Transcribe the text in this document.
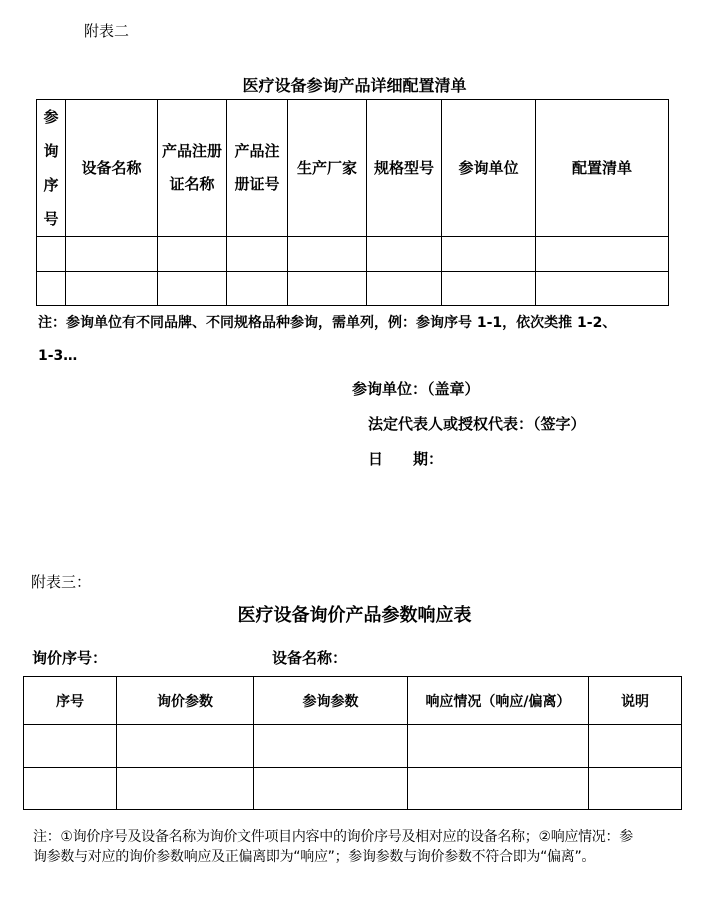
附表二
医疗设备参询产品详细配置清单
参询序号	设备名称	产品注册证名称	产品注册证号	生产厂家	规格型号	参询单位	配置清单

注：参询单位有不同品牌、不同规格品种参询，需单列，例：参询序号 1-1，依次类推 1-2、
1-3…
参询单位：（盖章）
法定代表人或授权代表：（签字）
日　　期：
附表三：
医疗设备询价产品参数响应表
询价序号：	设备名称：
序号	询价参数	参询参数	响应情况（响应/偏离）	说明

注：①询价序号及设备名称为询价文件项目内容中的询价序号及相对应的设备名称；②响应情况：参
询参数与对应的询价参数响应及正偏离即为“响应”；参询参数与询价参数不符合即为“偏离”。
